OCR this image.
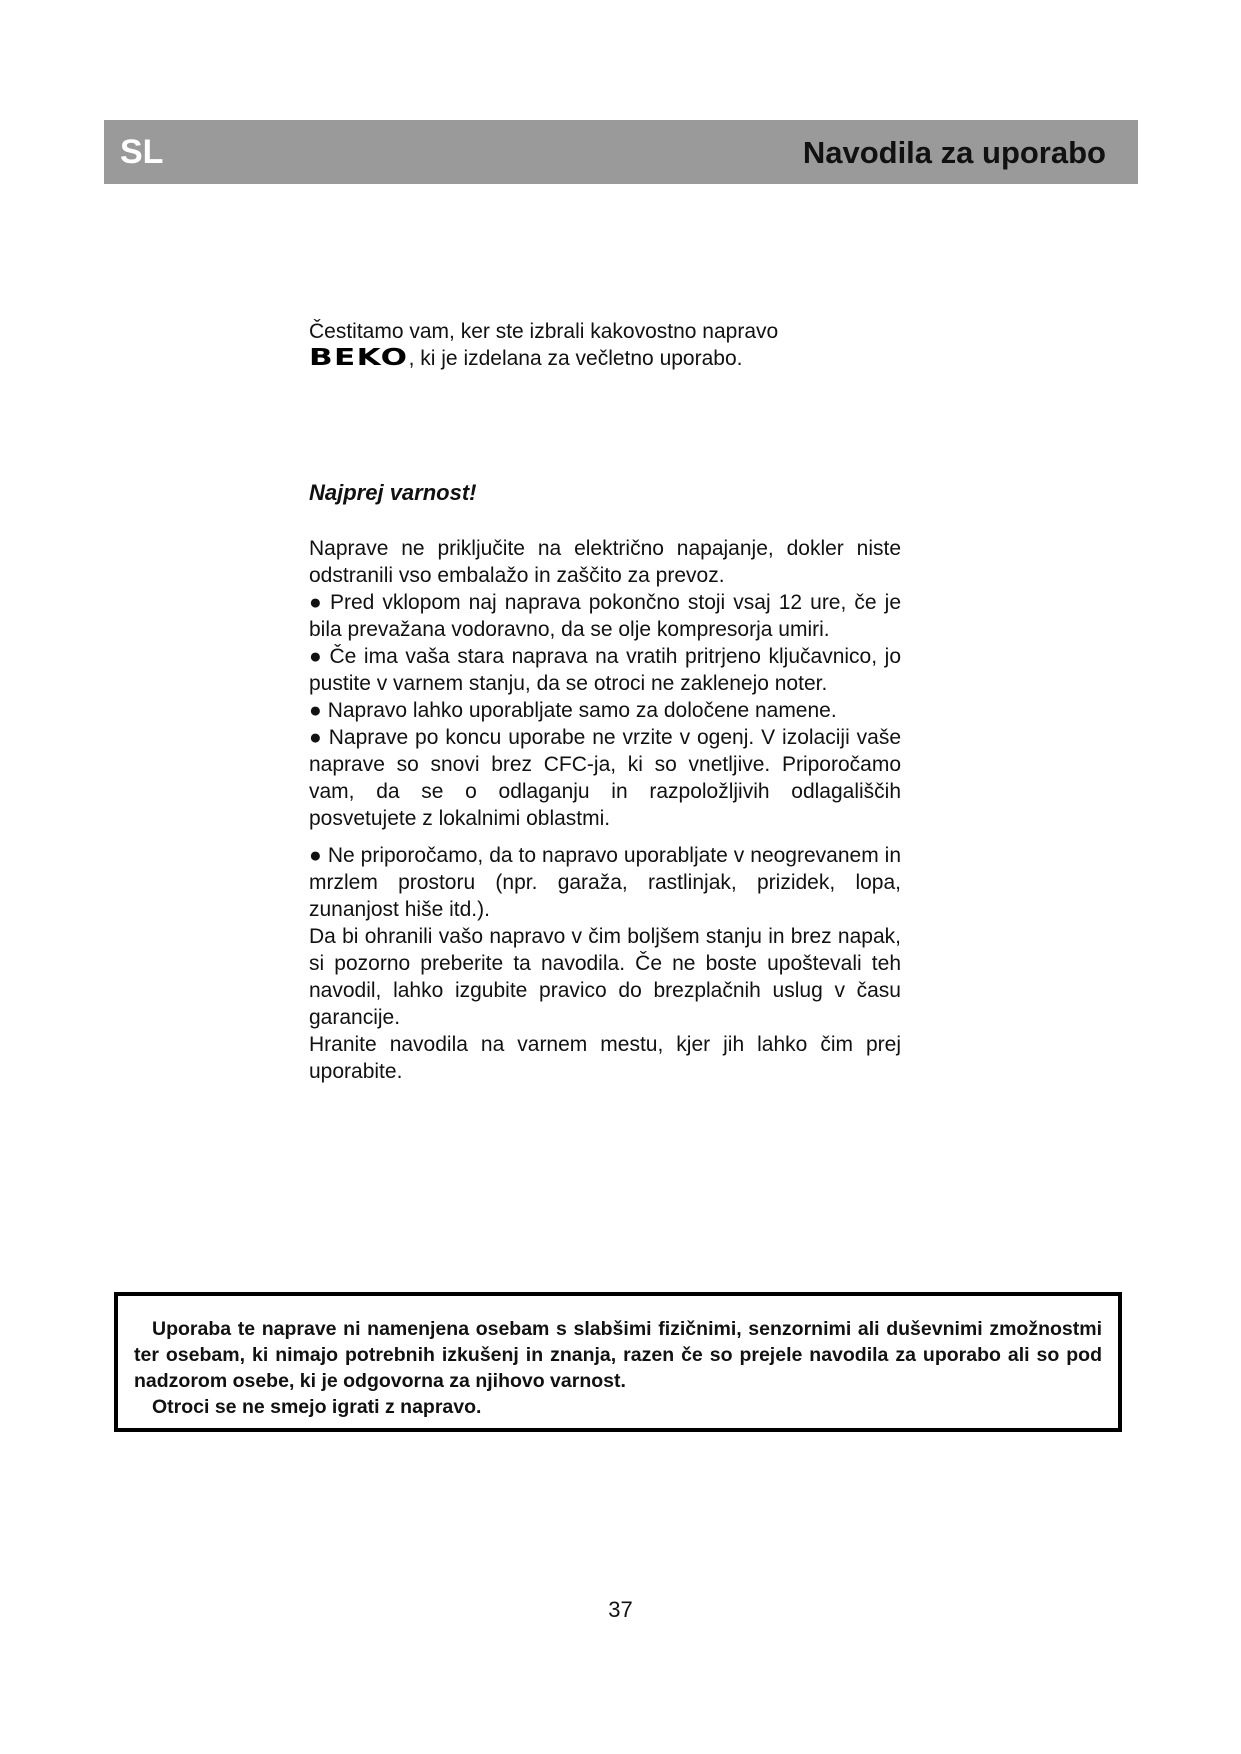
SL	Navodila za uporabo

Čestitamo vam, ker ste izbrali kakovostno napravo

BEKO, ki je izdelana za večletno uporabo.

Najprej varnost!

Naprave ne priključite na električno napajanje, dokler niste odstranili vso embalažo in zaščito za prevoz.

● Pred vklopom naj naprava pokončno stoji vsaj 12 ure, če je bila prevažana vodoravno, da se olje kompresorja umiri.

● Če ima vaša stara naprava na vratih pritrjeno ključavnico, jo pustite v varnem stanju, da se otroci ne zaklenejo noter.

● Napravo lahko uporabljate samo za določene namene.

● Naprave po koncu uporabe ne vrzite v ogenj. V izolaciji vaše naprave so snovi brez CFC-ja, ki so vnetljive. Priporočamo vam, da se o odlaganju in razpoložljivih odlagališčih posvetujete z lokalnimi oblastmi.

● Ne priporočamo, da to napravo uporabljate v neogrevanem in mrzlem prostoru (npr. garaža, rastlinjak, prizidek, lopa, zunanjost hiše itd.).

Da bi ohranili vašo napravo v čim boljšem stanju in brez napak, si pozorno preberite ta navodila. Če ne boste upoštevali teh navodil, lahko izgubite pravico do brezplačnih uslug v času garancije.

Hranite navodila na varnem mestu, kjer jih lahko čim prej uporabite.

Uporaba te naprave ni namenjena osebam s slabšimi fizičnimi, senzornimi ali duševnimi zmožnostmi ter osebam, ki nimajo potrebnih izkušenj in znanja, razen če so prejele navodila za uporabo ali so pod nadzorom osebe, ki je odgovorna za njihovo varnost.

Otroci se ne smejo igrati z napravo.

37
